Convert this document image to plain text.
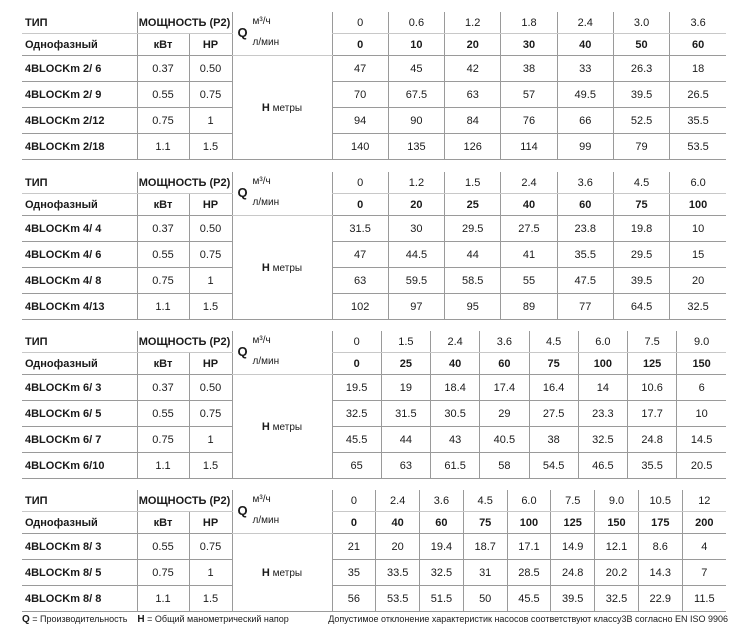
ТИП	МОЩНОСТЬ (P2)		Q
м³/ч
л/мин	0	0.6	1.2	1.8	2.4	3.0	3.6
Однофазный	кВт	HP		0	10	20	30	40	50	60
4BLOCKm 2/ 6	0.37	0.50	H метры	47	45	42	38	33	26.3	18
4BLOCKm 2/ 9	0.55	0.75		70	67.5	63	57	49.5	39.5	26.5
4BLOCKm 2/12	0.75	1		94	90	84	76	66	52.5	35.5
4BLOCKm 2/18	1.1	1.5		140	135	126	114	99	79	53.5
ТИП	МОЩНОСТЬ (P2)		Q
м³/ч
л/мин	0	1.2	1.5	2.4	3.6	4.5	6.0
Однофазный	кВт	HP		0	20	25	40	60	75	100
4BLOCKm 4/ 4	0.37	0.50	H метры	31.5	30	29.5	27.5	23.8	19.8	10
4BLOCKm 4/ 6	0.55	0.75		47	44.5	44	41	35.5	29.5	15
4BLOCKm 4/ 8	0.75	1		63	59.5	58.5	55	47.5	39.5	20
4BLOCKm 4/13	1.1	1.5		102	97	95	89	77	64.5	32.5
ТИП	МОЩНОСТЬ (P2)		Q
м³/ч
л/мин	0	1.5	2.4	3.6	4.5	6.0	7.5	9.0
Однофазный	кВт	HP		0	25	40	60	75	100	125	150
4BLOCKm 6/ 3	0.37	0.50	H метры	19.5	19	18.4	17.4	16.4	14	10.6	6
4BLOCKm 6/ 5	0.55	0.75		32.5	31.5	30.5	29	27.5	23.3	17.7	10
4BLOCKm 6/ 7	0.75	1		45.5	44	43	40.5	38	32.5	24.8	14.5
4BLOCKm 6/10	1.1	1.5		65	63	61.5	58	54.5	46.5	35.5	20.5
ТИП	МОЩНОСТЬ (P2)		Q
м³/ч
л/мин	0	2.4	3.6	4.5	6.0	7.5	9.0	10.5	12
Однофазный	кВт	HP		0	40	60	75	100	125	150	175	200
4BLOCKm 8/ 3	0.55	0.75	H метры	21	20	19.4	18.7	17.1	14.9	12.1	8.6	4
4BLOCKm 8/ 5	0.75	1		35	33.5	32.5	31	28.5	24.8	20.2	14.3	7
4BLOCKm 8/ 8	1.1	1.5		56	53.5	51.5	50	45.5	39.5	32.5	22.9	11.5
Q = Производительность H = Общий манометрический напор	Допустимое отклонение характеристик насосов соответствуют классу3В согласно EN ISO 9906
